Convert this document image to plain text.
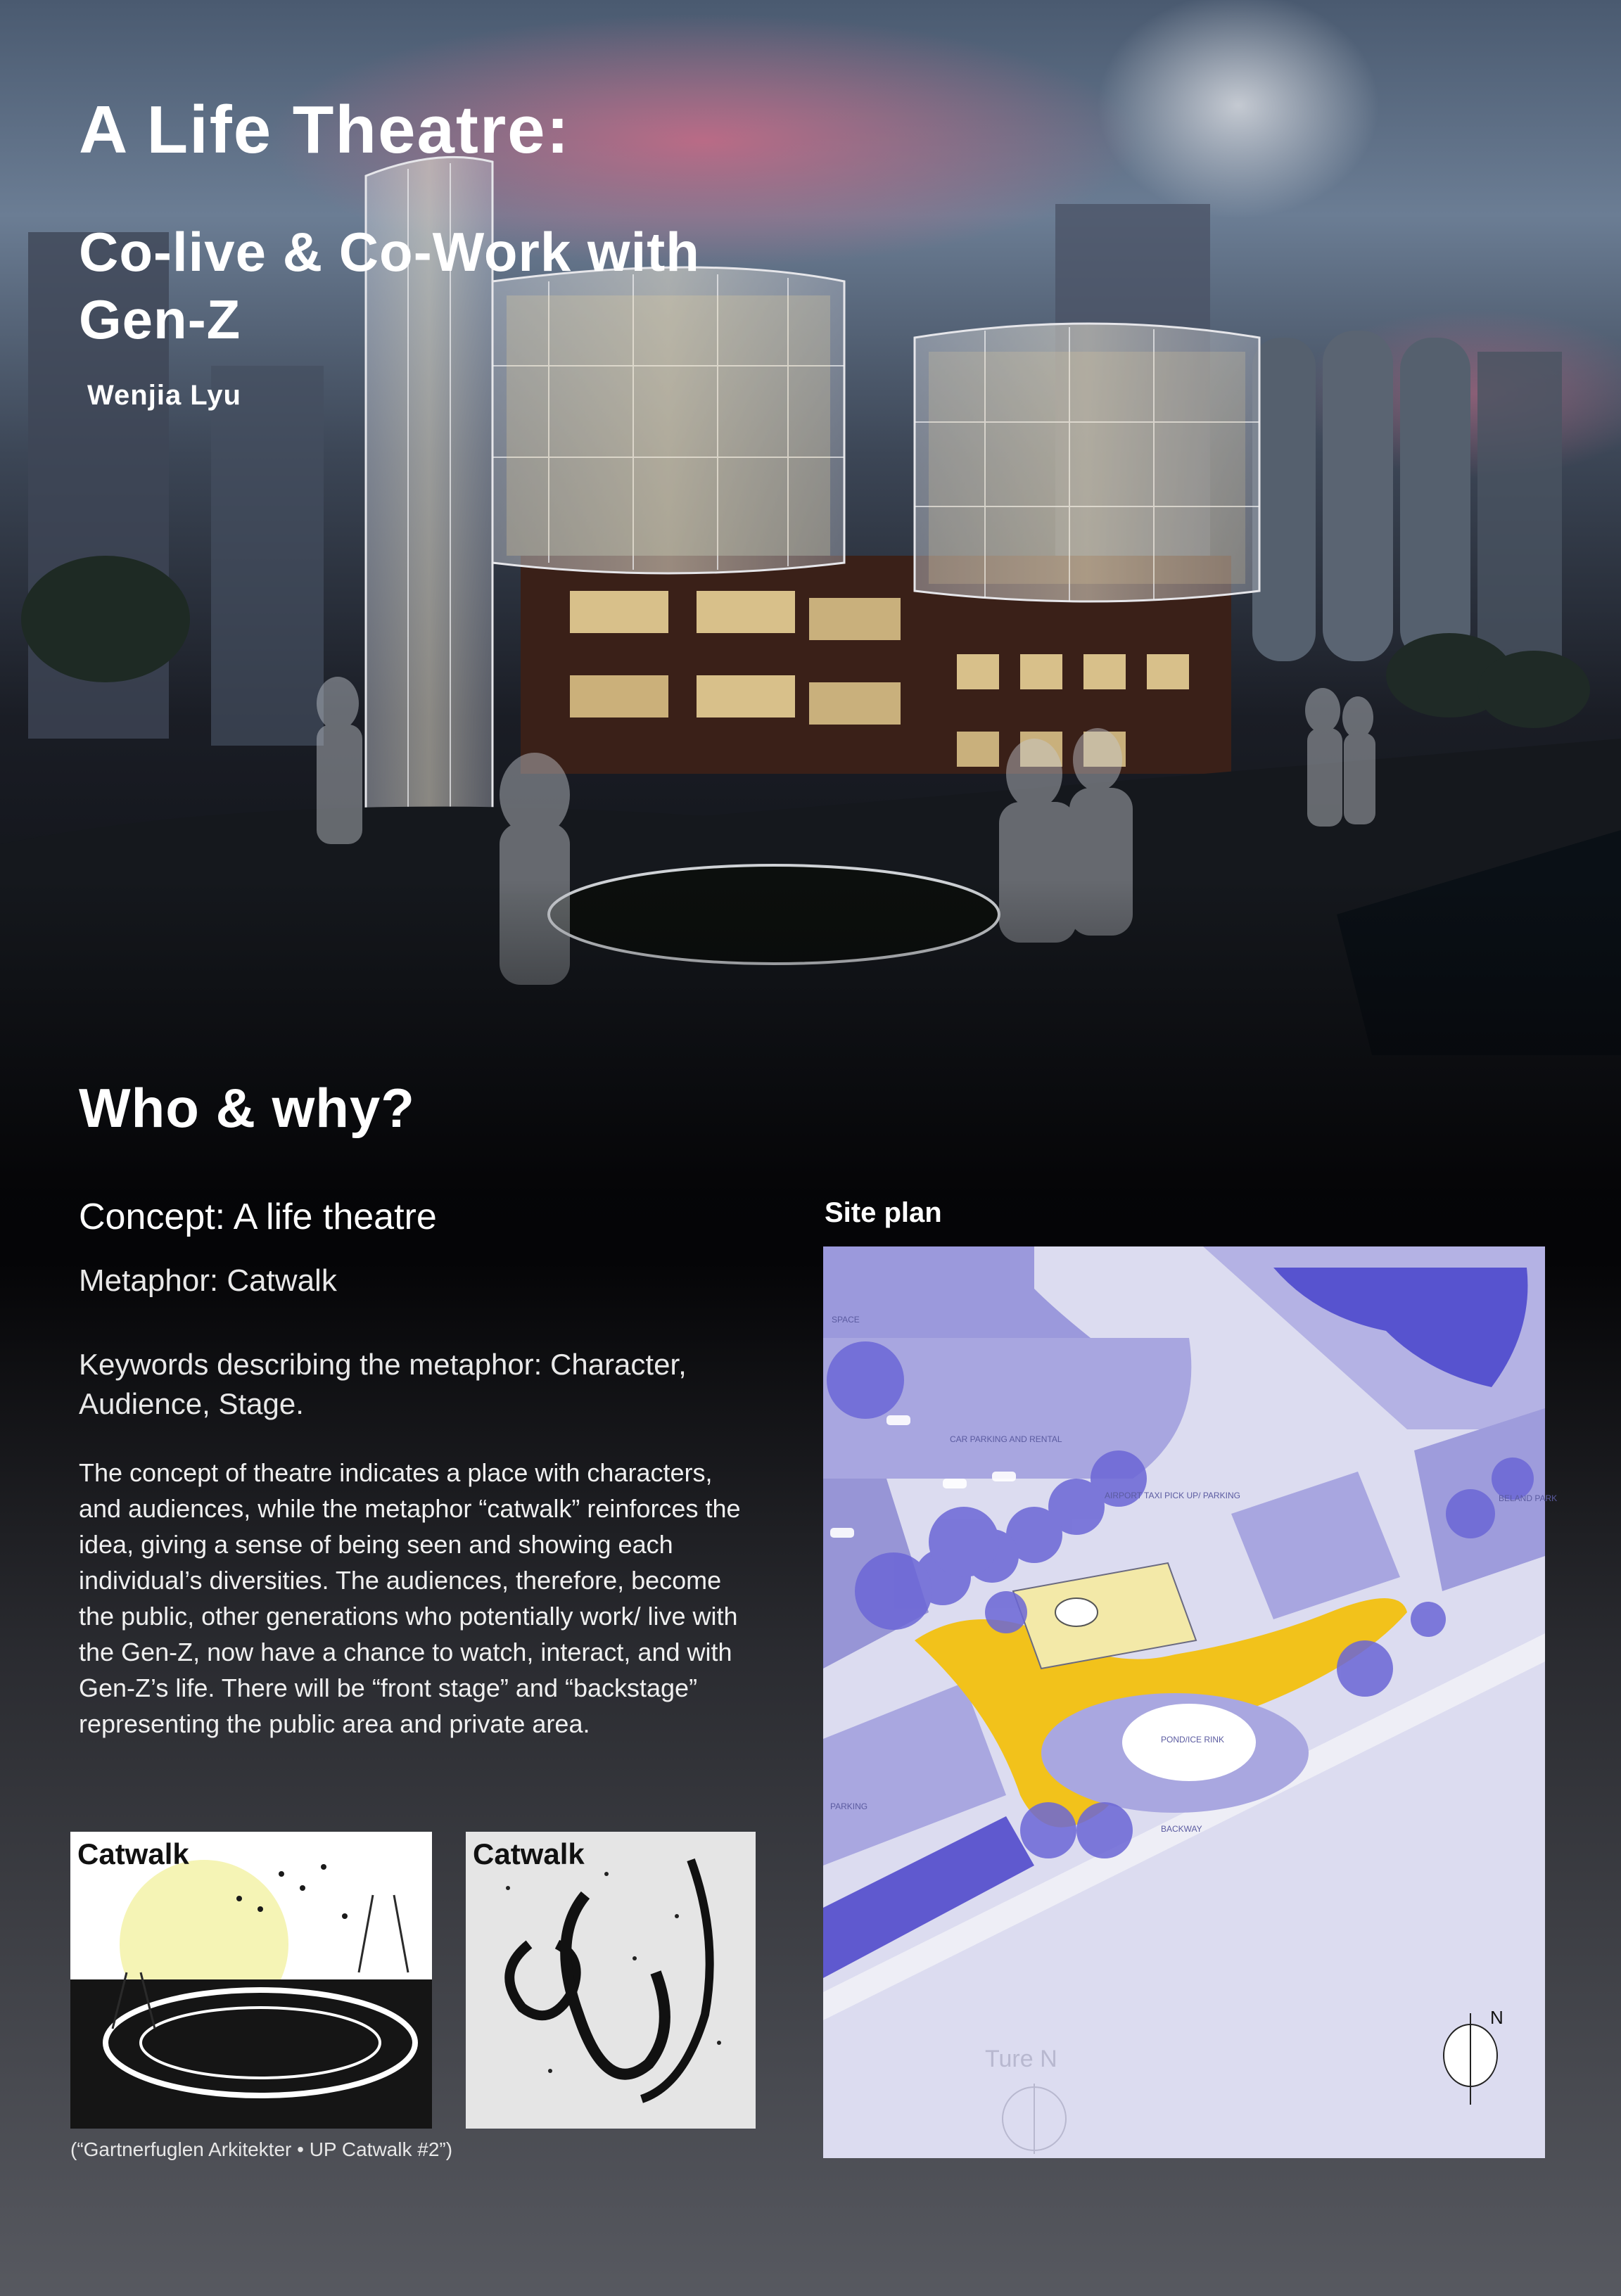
A Life Theatre:
Co-live & Co-Work with Gen-Z
Wenjia Lyu
Who & why?
Concept: A life theatre
Metaphor: Catwalk
Keywords describing the metaphor: Character, Audience, Stage.
The concept of theatre indicates a place with characters, and audiences, while the metaphor “catwalk” reinforces the idea, giving a sense of being seen and showing each individual’s diversities. The audiences, therefore, become the public, other generations who potentially work/ live with the Gen-Z, now have a chance to watch, interact, and with Gen-Z’s life. There will be “front stage” and “backstage” representing the public area and private area.
Catwalk	Catwalk
(“Gartnerfuglen Arkitekter • UP Catwalk #2”)
Site plan
SPACE
CAR PARKING AND RENTAL
AIRPORT TAXI PICK UP/ PARKING
POND/ICE RINK
PARKING
BACKWAY
BELAND PARK
N
Ture N
